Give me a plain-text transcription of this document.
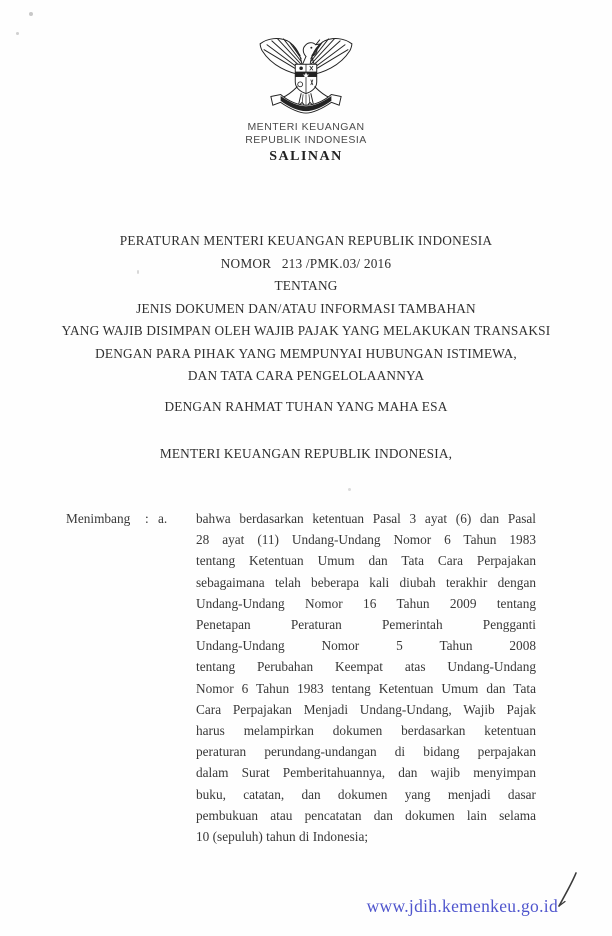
MENTERI KEUANGAN
REPUBLIK INDONESIA
SALINAN
PERATURAN MENTERI KEUANGAN REPUBLIK INDONESIA
NOMOR   213 /PMK.03/ 2016
TENTANG
JENIS DOKUMEN DAN/ATAU INFORMASI TAMBAHAN
YANG WAJIB DISIMPAN OLEH WAJIB PAJAK YANG MELAKUKAN TRANSAKSI
DENGAN PARA PIHAK YANG MEMPUNYAI HUBUNGAN ISTIMEWA,
DAN TATA CARA PENGELOLAANNYA
DENGAN RAHMAT TUHAN YANG MAHA ESA
MENTERI KEUANGAN REPUBLIK INDONESIA,
Menimbang	: a.	bahwa berdasarkan ketentuan Pasal 3 ayat (6) dan Pasal
28 ayat (11) Undang-Undang Nomor 6 Tahun 1983
tentang Ketentuan Umum dan Tata Cara Perpajakan
sebagaimana telah beberapa kali diubah terakhir dengan
Undang-Undang Nomor 16 Tahun 2009 tentang
Penetapan Peraturan Pemerintah Pengganti
Undang-Undang Nomor 5 Tahun 2008
tentang Perubahan Keempat atas Undang-Undang
Nomor 6 Tahun 1983 tentang Ketentuan Umum dan Tata
Cara Perpajakan Menjadi Undang-Undang, Wajib Pajak
harus melampirkan dokumen berdasarkan ketentuan
peraturan perundang-undangan di bidang perpajakan
dalam Surat Pemberitahuannya, dan wajib menyimpan
buku, catatan, dan dokumen yang menjadi dasar
pembukuan atau pencatatan dan dokumen lain selama
10 (sepuluh) tahun di Indonesia;
www.jdih.kemenkeu.go.id
